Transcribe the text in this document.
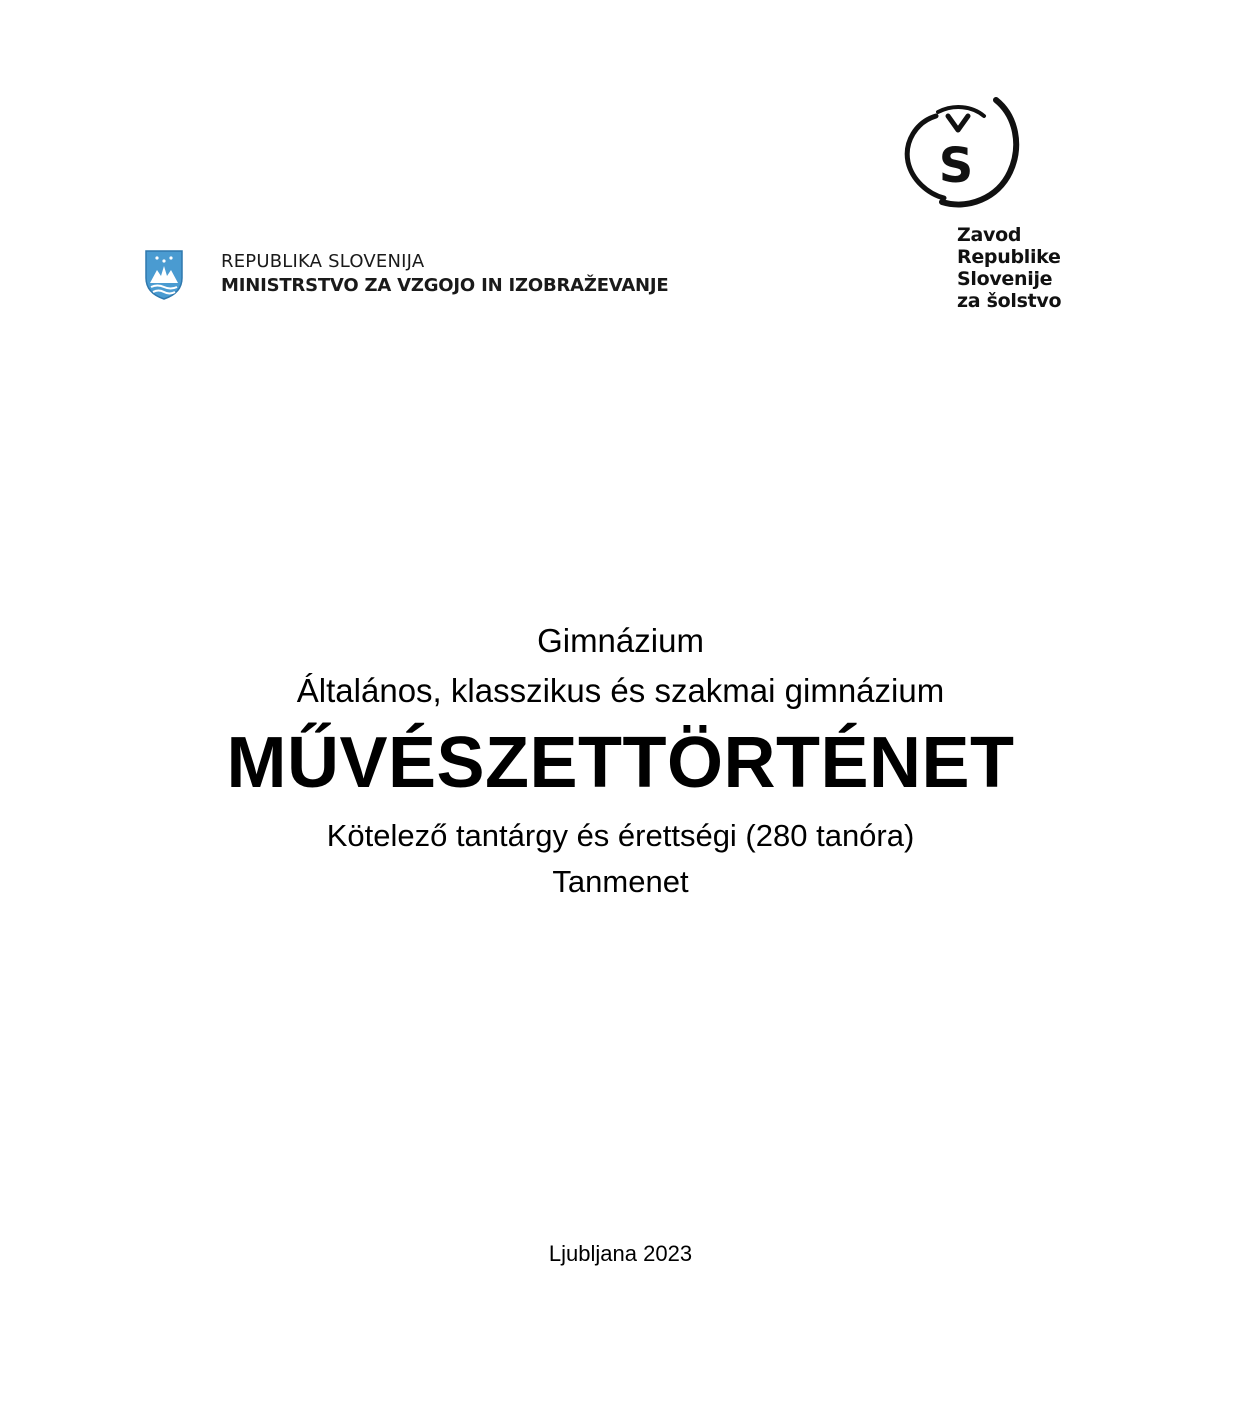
REPUBLIKA SLOVENIJA
MINISTRSTVO ZA VZGOJO IN IZOBRAŽEVANJE
S
Zavod
Republike
Slovenije
za šolstvo
Gimnázium
Általános, klasszikus és szakmai gimnázium
MŰVÉSZETTÖRTÉNET
Kötelező tantárgy és érettségi (280 tanóra)
Tanmenet
Ljubljana 2023
